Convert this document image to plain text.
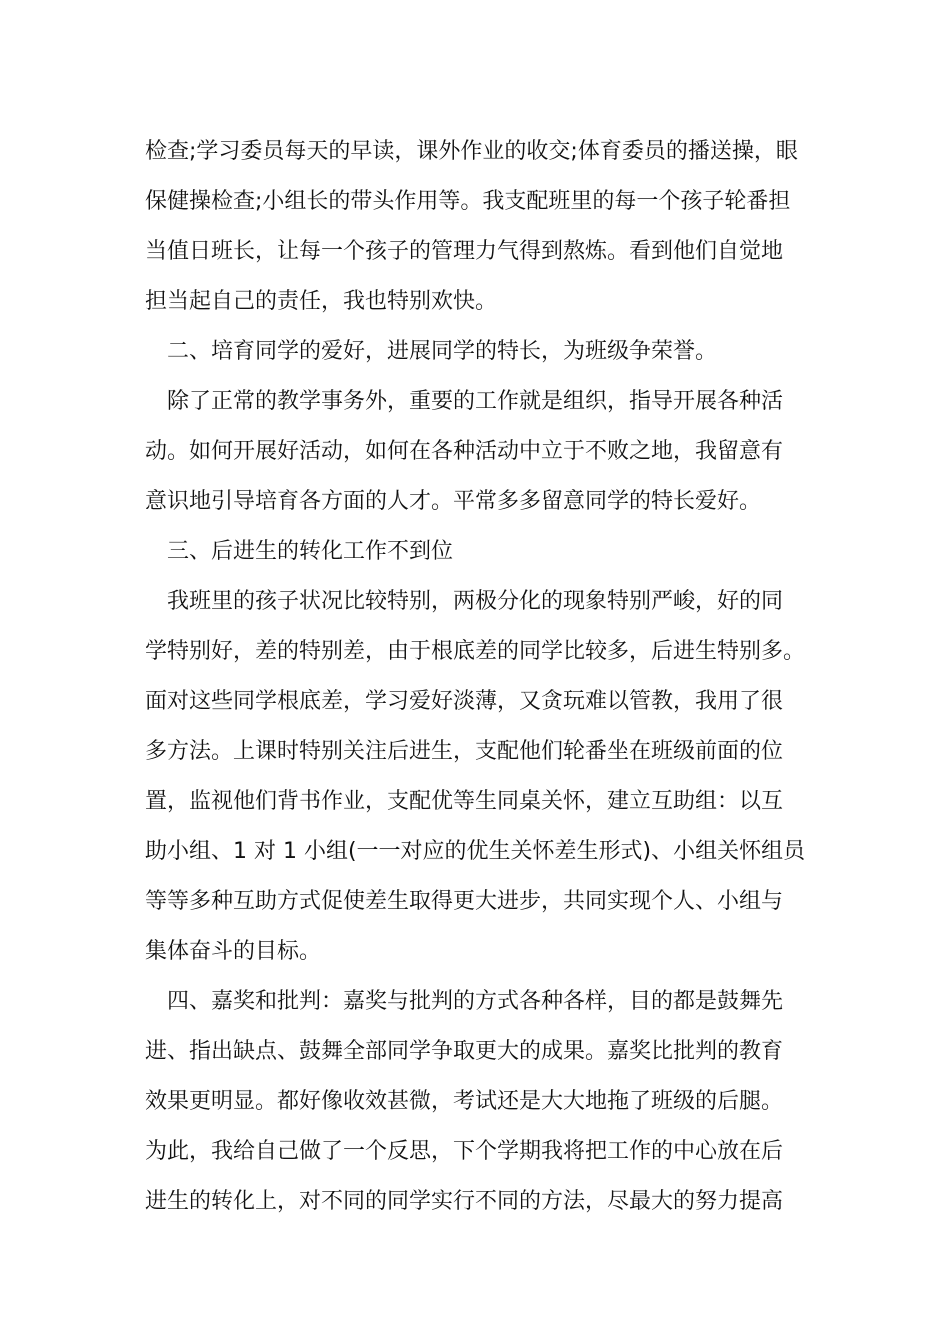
检查;学习委员每天的早读，课外作业的收交;体育委员的播送操，眼
保健操检查;小组长的带头作用等。我支配班里的每一个孩子轮番担
当值日班长，让每一个孩子的管理力气得到熬炼。看到他们自觉地
担当起自己的责任，我也特别欢快。
二、培育同学的爱好，进展同学的特长，为班级争荣誉。
除了正常的教学事务外，重要的工作就是组织，指导开展各种活
动。如何开展好活动，如何在各种活动中立于不败之地，我留意有
意识地引导培育各方面的人才。平常多多留意同学的特长爱好。
三、后进生的转化工作不到位
我班里的孩子状况比较特别，两极分化的现象特别严峻，好的同
学特别好，差的特别差，由于根底差的同学比较多，后进生特别多。
面对这些同学根底差，学习爱好淡薄，又贪玩难以管教，我用了很
多方法。上课时特别关注后进生，支配他们轮番坐在班级前面的位
置，监视他们背书作业，支配优等生同桌关怀，建立互助组：以互
助小组、1 对 1 小组(一一对应的优生关怀差生形式)、小组关怀组员
等等多种互助方式促使差生取得更大进步，共同实现个人、小组与
集体奋斗的目标。
四、嘉奖和批判：嘉奖与批判的方式各种各样，目的都是鼓舞先
进、指出缺点、鼓舞全部同学争取更大的成果。嘉奖比批判的教育
效果更明显。都好像收效甚微，考试还是大大地拖了班级的后腿。
为此，我给自己做了一个反思，下个学期我将把工作的中心放在后
进生的转化上，对不同的同学实行不同的方法，尽最大的努力提高
